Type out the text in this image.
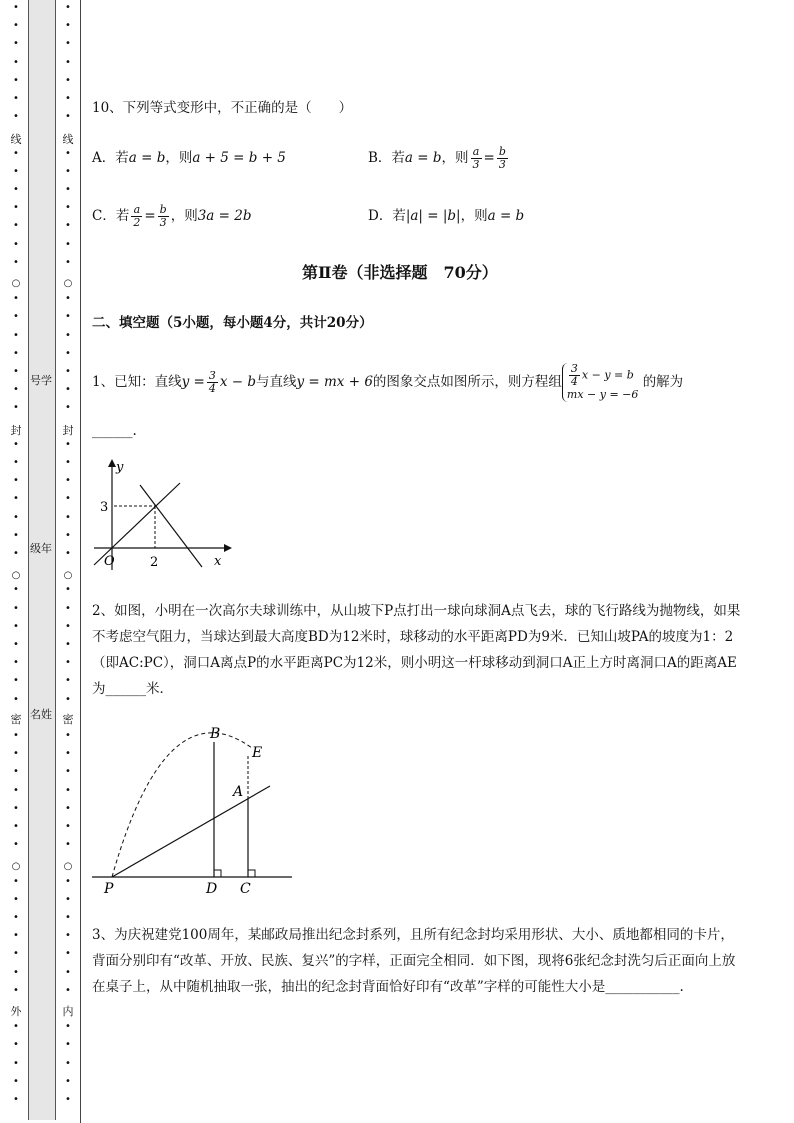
•
•
•
•
•
•
•
•
•
•
•
•
•
•
•
•
•
•
•
•
•
•
•
•
•
•
•
•
•
•
•
•
•
•
•
•
•
•
•
•
•
•
•
•
•
•
•
•
•
•
•
•
•
•
线
○
封
○
密
○
外
•
•
•
•
•
•
•
•
•
•
•
•
•
•
•
•
•
•
•
•
•
•
•
•
•
•
•
•
•
•
•
•
•
•
•
•
•
•
•
•
•
•
•
•
•
•
•
•
•
•
•
•
•
•
线
○
封
○
密
○
内
号学
级年
名姓
10、下列等式变形中，不正确的是（　　）
A．若a = b，则a + 5 = b + 5	B．若a = b，则 $\frac{a}{3} = \frac{b}{3}$
C．若 $\frac{a}{2} = \frac{b}{3}$ ，则3a = 2b	D．若|a| = |b|，则a = b
第Ⅱ卷（非选择题　70分）
二、填空题（5小题，每小题4分，共计20分）
1、已知：直线$y = \frac{3}{4}$ x − b与直线y = mx + 6的图象交点如图所示，则方程组 $\frac{3}{4}$ x − y = b
mx − y = −6
的解为
______.
y
x
O	2
3
2、如图，小明在一次高尔夫球训练中，从山坡下P点打出一球向球洞A点飞去，球的飞行路线为抛物线，如果不考虑空气阻力，当球达到最大高度BD为12米时，球移动的水平距离PD为9米．已知山坡PA的坡度为1：2（即AC:PC），洞口A离点P的水平距离PC为12米，则小明这一杆球移动到洞口A正上方时离洞口A的距离AE为______米．
P	D C
B
E
A
3、为庆祝建党100周年，某邮政局推出纪念封系列，且所有纪念封均采用形状、大小、质地都相同的卡片，背面分别印有“改革、开放、民族、复兴”的字样，正面完全相同．如下图，现将6张纪念封洗匀后正面向上放在桌子上，从中随机抽取一张，抽出的纪念封背面恰好印有“改革”字样的可能性大小是___________.
